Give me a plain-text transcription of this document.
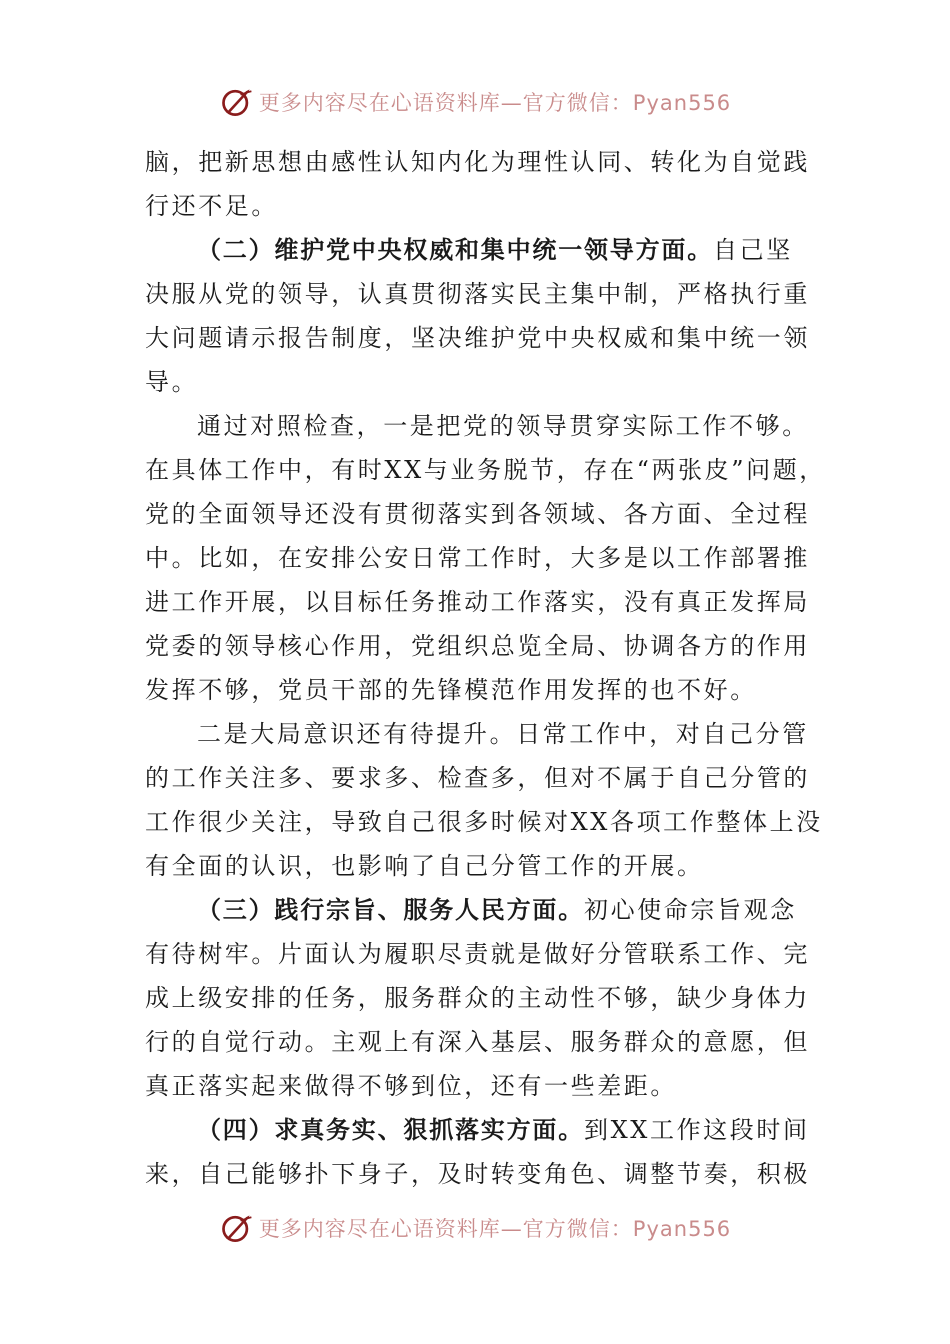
更多内容尽在心语资料库—官方微信：Pyan556
脑，把新思想由感性认知内化为理性认同、转化为自觉践
行还不足。
（二）维护党中央权威和集中统一领导方面。自己坚
决服从党的领导，认真贯彻落实民主集中制，严格执行重
大问题请示报告制度，坚决维护党中央权威和集中统一领
导。
通过对照检查，一是把党的领导贯穿实际工作不够。
在具体工作中，有时XX与业务脱节，存在“两张皮”问题，
党的全面领导还没有贯彻落实到各领域、各方面、全过程
中。比如，在安排公安日常工作时，大多是以工作部署推
进工作开展，以目标任务推动工作落实，没有真正发挥局
党委的领导核心作用，党组织总览全局、协调各方的作用
发挥不够，党员干部的先锋模范作用发挥的也不好。
二是大局意识还有待提升。日常工作中，对自己分管
的工作关注多、要求多、检查多，但对不属于自己分管的
工作很少关注，导致自己很多时候对XX各项工作整体上没
有全面的认识，也影响了自己分管工作的开展。
（三）践行宗旨、服务人民方面。初心使命宗旨观念
有待树牢。片面认为履职尽责就是做好分管联系工作、完
成上级安排的任务，服务群众的主动性不够，缺少身体力
行的自觉行动。主观上有深入基层、服务群众的意愿，但
真正落实起来做得不够到位，还有一些差距。
（四）求真务实、狠抓落实方面。到XX工作这段时间
来，自己能够扑下身子，及时转变角色、调整节奏，积极
更多内容尽在心语资料库—官方微信：Pyan556
